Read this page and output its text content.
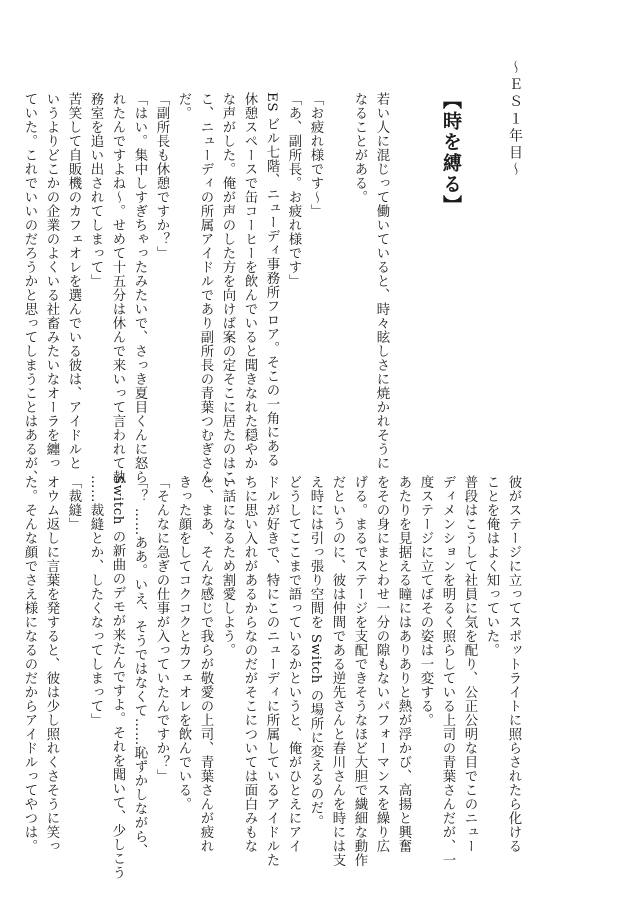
～ＥＳ１年目～
【時を縛る】
若い人に混じって働いていると、時々眩しさに焼かれそうに
なることがある。

「お疲れ様です～」
「あ、副所長。お疲れ様です」
ES ビル七階、ニューディ事務所フロア。そこの一角にある
休憩スペースで缶コーヒーを飲んでいると聞きなれた穏やか
な声がした。俺が声のした方を向けば案の定そこに居たのはこ
こ、ニューディの所属アイドルであり副所長の青葉つむぎさん
だ。
「副所長も休憩ですか？」
「はい。集中しすぎちゃったみたいで、さっき夏目くんに怒ら
れたんですよね～。せめて十五分は休んで来いって言われて執
務室を追い出されてしまって」
苦笑して自販機のカフェオレを選んでいる彼は、アイドルと
いうよりどこかの企業のよくいる社畜みたいなオーラを纏っ
ていた。これでいいのだろうかと思ってしまうことはあるが、
彼がステージに立ってスポットライトに照らされたら化ける
ことを俺はよく知っていた。
普段はこうして社員に気を配り、公正公明な目でこのニュー
ディメンションを明るく照らしている上司の青葉さんだが、一
度ステージに立てばその姿は一変する。
あたりを見据える瞳にはありありと熱が浮かび、高揚と興奮
をその身にまとわせ一分の隙もないパフォーマンスを繰り広
げる。まるでステージを支配できそうなほど大胆で繊細な動作
だというのに、彼は仲間である逆先さんと春川さんを時には支
え時には引っ張り空間を Switch の場所に変えるのだ。
どうしてここまで語っているかというと、俺がひとえにアイ
ドルが好きで、特にこのニューディに所属しているアイドルた
ちに思い入れがあるからなのだがそこについては面白みもな
い話になるため割愛しよう。
と、まあ、そんな感じで我らが敬愛の上司、青葉さんが疲れ
きった顔をしてコクコクとカフェオレを飲んでいる。
「そんなに急ぎの仕事が入っていたんですか？」
「？ ……ああ。いえ、そうではなくて……恥ずかしながら、
Switch の新曲のデモが来たんですよ。それを聞いて、少しこう
……裁縫とか、したくなってしまって」
「裁縫」
オウム返しに言葉を発すると、彼は少し照れくさそうに笑っ
た。そんな顔でさえ様になるのだからアイドルってやつは。
